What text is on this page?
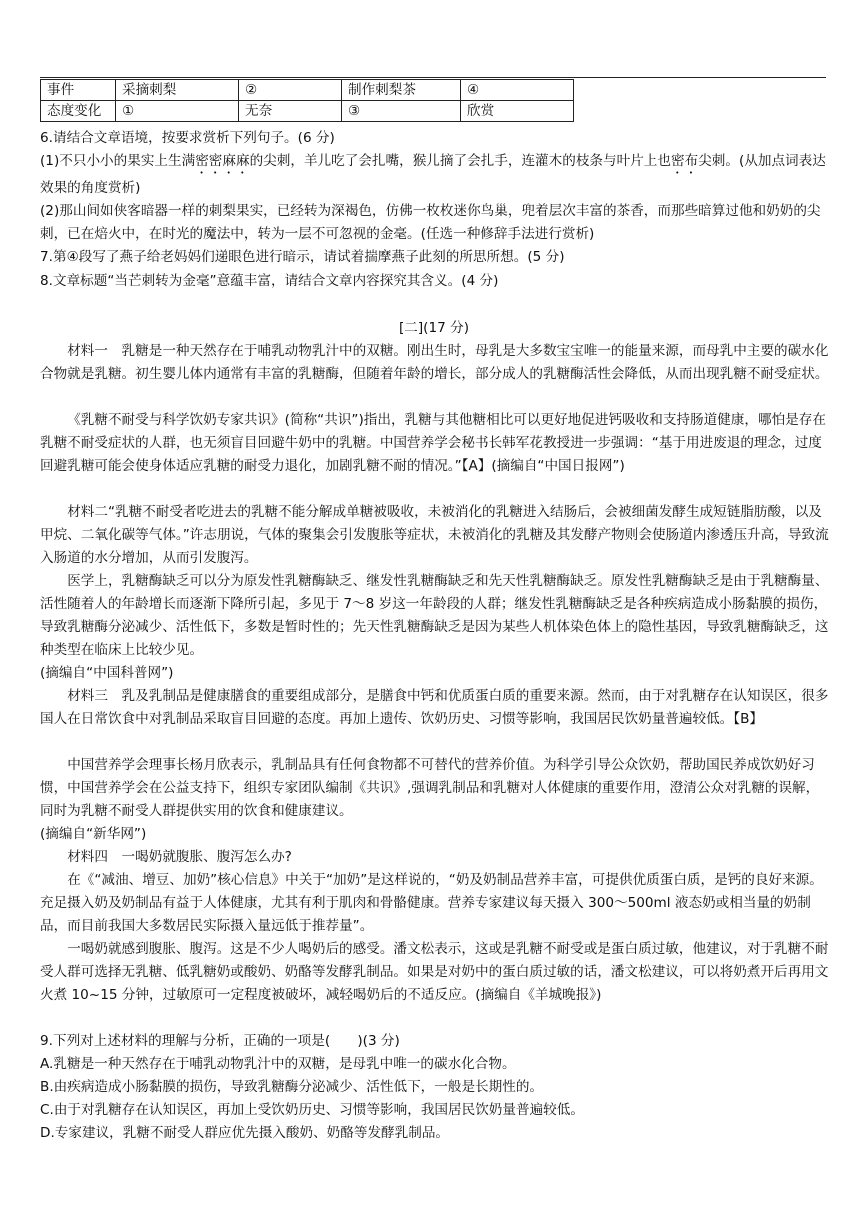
事件	采摘刺梨	②	制作刺梨茶	④
态度变化	①	无奈	③	欣赏

6.请结合文章语境，按要求赏析下列句子。(6 分)

(1)不只小小的果实上生满密密麻麻的尖刺，羊儿吃了会扎嘴，猴儿摘了会扎手，连灌木的枝条与叶片上也密布尖刺。(从加点词表达效果的角度赏析)

(2)那山间如侠客暗器一样的刺梨果实，已经转为深褐色，仿佛一枚枚迷你鸟巢，兜着层次丰富的茶香，而那些暗算过他和奶奶的尖刺，已在焙火中，在时光的魔法中，转为一层不可忽视的金毫。(任选一种修辞手法进行赏析)

7.第④段写了燕子给老妈妈们递眼色进行暗示，请试着揣摩燕子此刻的所思所想。(5 分)

8.文章标题“当芒刺转为金毫”意蕴丰富，请结合文章内容探究其含义。(4 分)

[二](17 分)

材料一　乳糖是一种天然存在于哺乳动物乳汁中的双糖。刚出生时，母乳是大多数宝宝唯一的能量来源，而母乳中主要的碳水化合物就是乳糖。初生婴儿体内通常有丰富的乳糖酶，但随着年龄的增长，部分成人的乳糖酶活性会降低，从而出现乳糖不耐受症状。

《乳糖不耐受与科学饮奶专家共识》(简称“共识”)指出，乳糖与其他糖相比可以更好地促进钙吸收和支持肠道健康，哪怕是存在乳糖不耐受症状的人群，也无须盲目回避牛奶中的乳糖。中国营养学会秘书长韩军花教授进一步强调：“基于用进废退的理念，过度回避乳糖可能会使身体适应乳糖的耐受力退化，加剧乳糖不耐的情况。”【A】(摘编自“中国日报网”)

材料二“乳糖不耐受者吃进去的乳糖不能分解成单糖被吸收，未被消化的乳糖进入结肠后，会被细菌发酵生成短链脂肪酸，以及甲烷、二氧化碳等气体。”许志朋说，气体的聚集会引发腹胀等症状，未被消化的乳糖及其发酵产物则会使肠道内渗透压升高，导致流入肠道的水分增加，从而引发腹泻。

医学上，乳糖酶缺乏可以分为原发性乳糖酶缺乏、继发性乳糖酶缺乏和先天性乳糖酶缺乏。原发性乳糖酶缺乏是由于乳糖酶量、活性随着人的年龄增长而逐渐下降所引起，多见于 7～8 岁这一年龄段的人群；继发性乳糖酶缺乏是各种疾病造成小肠黏膜的损伤，导致乳糖酶分泌减少、活性低下，多数是暂时性的；先天性乳糖酶缺乏是因为某些人机体染色体上的隐性基因，导致乳糖酶缺乏，这种类型在临床上比较少见。

(摘编自“中国科普网”)

材料三　乳及乳制品是健康膳食的重要组成部分，是膳食中钙和优质蛋白质的重要来源。然而，由于对乳糖存在认知误区，很多国人在日常饮食中对乳制品采取盲目回避的态度。再加上遗传、饮奶历史、习惯等影响，我国居民饮奶量普遍较低。【B】

中国营养学会理事长杨月欣表示，乳制品具有任何食物都不可替代的营养价值。为科学引导公众饮奶，帮助国民养成饮奶好习惯，中国营养学会在公益支持下，组织专家团队编制《共识》,强调乳制品和乳糖对人体健康的重要作用，澄清公众对乳糖的误解，同时为乳糖不耐受人群提供实用的饮食和健康建议。

(摘编自“新华网”)

材料四　一喝奶就腹胀、腹泻怎么办?

在《“减油、增豆、加奶”核心信息》中关于“加奶”是这样说的，“奶及奶制品营养丰富，可提供优质蛋白质，是钙的良好来源。充足摄入奶及奶制品有益于人体健康，尤其有利于肌肉和骨骼健康。营养专家建议每天摄入 300～500ml 液态奶或相当量的奶制品，而目前我国大多数居民实际摄入量远低于推荐量”。

一喝奶就感到腹胀、腹泻。这是不少人喝奶后的感受。潘文松表示，这或是乳糖不耐受或是蛋白质过敏，他建议，对于乳糖不耐受人群可选择无乳糖、低乳糖奶或酸奶、奶酪等发酵乳制品。如果是对奶中的蛋白质过敏的话，潘文松建议，可以将奶煮开后再用文火煮 10~15 分钟，过敏原可一定程度被破坏，减轻喝奶后的不适反应。(摘编自《羊城晚报》)

9.下列对上述材料的理解与分析，正确的一项是(　　)(3 分)

A.乳糖是一种天然存在于哺乳动物乳汁中的双糖，是母乳中唯一的碳水化合物。

B.由疾病造成小肠黏膜的损伤，导致乳糖酶分泌减少、活性低下，一般是长期性的。

C.由于对乳糖存在认知误区，再加上受饮奶历史、习惯等影响，我国居民饮奶量普遍较低。

D.专家建议，乳糖不耐受人群应优先摄入酸奶、奶酪等发酵乳制品。
